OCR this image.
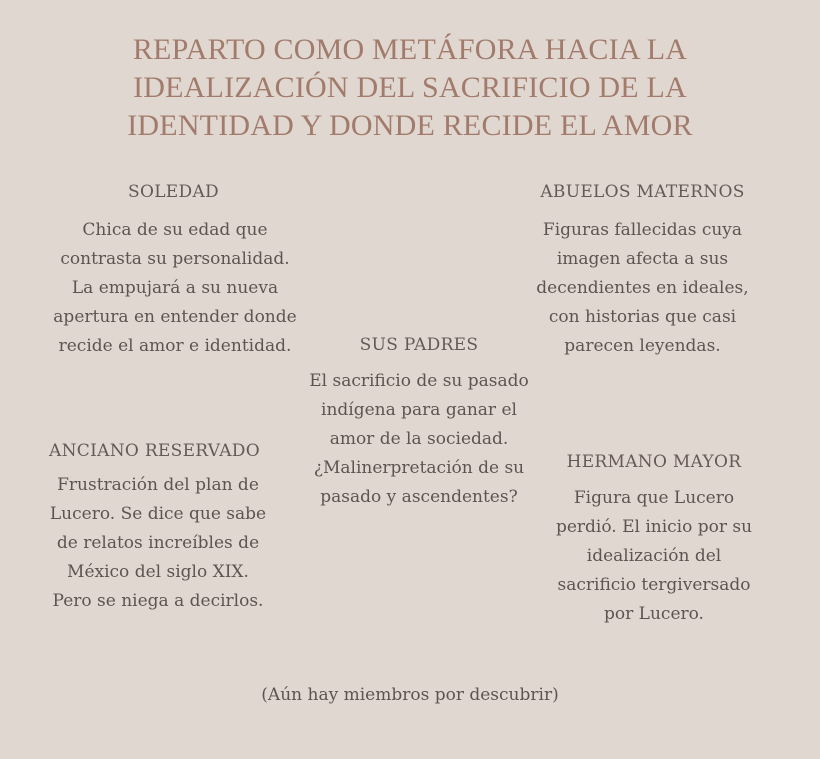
REPARTO COMO METÁFORA HACIA LA
IDEALIZACIÓN DEL SACRIFICIO DE LA
IDENTIDAD Y DONDE RECIDE EL AMOR
SOLEDAD
Chica de su edad que
contrasta su personalidad.
La empujará a su nueva
apertura en entender donde
recide el amor e identidad.
ABUELOS MATERNOS
Figuras fallecidas cuya
imagen afecta a sus
decendientes en ideales,
con historias que casi
parecen leyendas.
SUS PADRES
El sacrificio de su pasado
indígena para ganar el
amor de la sociedad.
¿Malinerpretación de su
pasado y ascendentes?
ANCIANO RESERVADO
Frustración del plan de
Lucero. Se dice que sabe
de relatos increíbles de
México del siglo XIX.
Pero se niega a decirlos.
HERMANO MAYOR
Figura que Lucero
perdió. El inicio por su
idealización del
sacrificio tergiversado
por Lucero.
(Aún hay miembros por descubrir)
